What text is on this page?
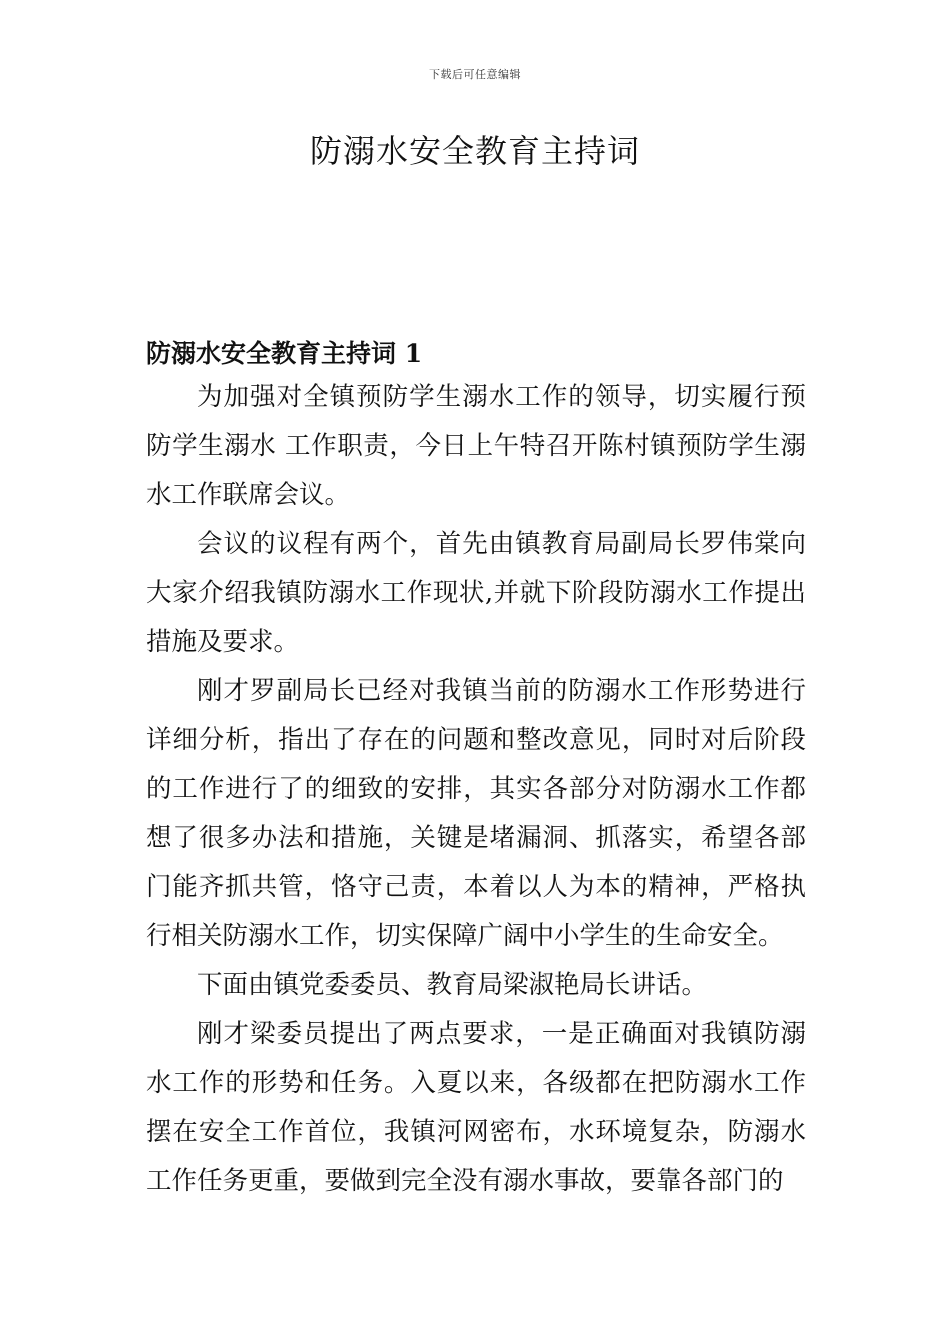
下载后可任意编辑
防溺水安全教育主持词
防溺水安全教育主持词 1

为加强对全镇预防学生溺水工作的领导，切实履行预防学生溺水 工作职责，今日上午特召开陈村镇预防学生溺水工作联席会议。

会议的议程有两个，首先由镇教育局副局长罗伟棠向大家介绍我镇防溺水工作现状,并就下阶段防溺水工作提出措施及要求。

刚才罗副局长已经对我镇当前的防溺水工作形势进行详细分析，指出了存在的问题和整改意见，同时对后阶段的工作进行了的细致的安排，其实各部分对防溺水工作都想了很多办法和措施，关键是堵漏洞、抓落实，希望各部门能齐抓共管，恪守己责，本着以人为本的精神，严格执行相关防溺水工作，切实保障广阔中小学生的生命安全。

下面由镇党委委员、教育局梁淑艳局长讲话。

刚才梁委员提出了两点要求，一是正确面对我镇防溺水工作的形势和任务。入夏以来，各级都在把防溺水工作摆在安全工作首位，我镇河网密布，水环境复杂，防溺水工作任务更重，要做到完全没有溺水事故，要靠各部门的
